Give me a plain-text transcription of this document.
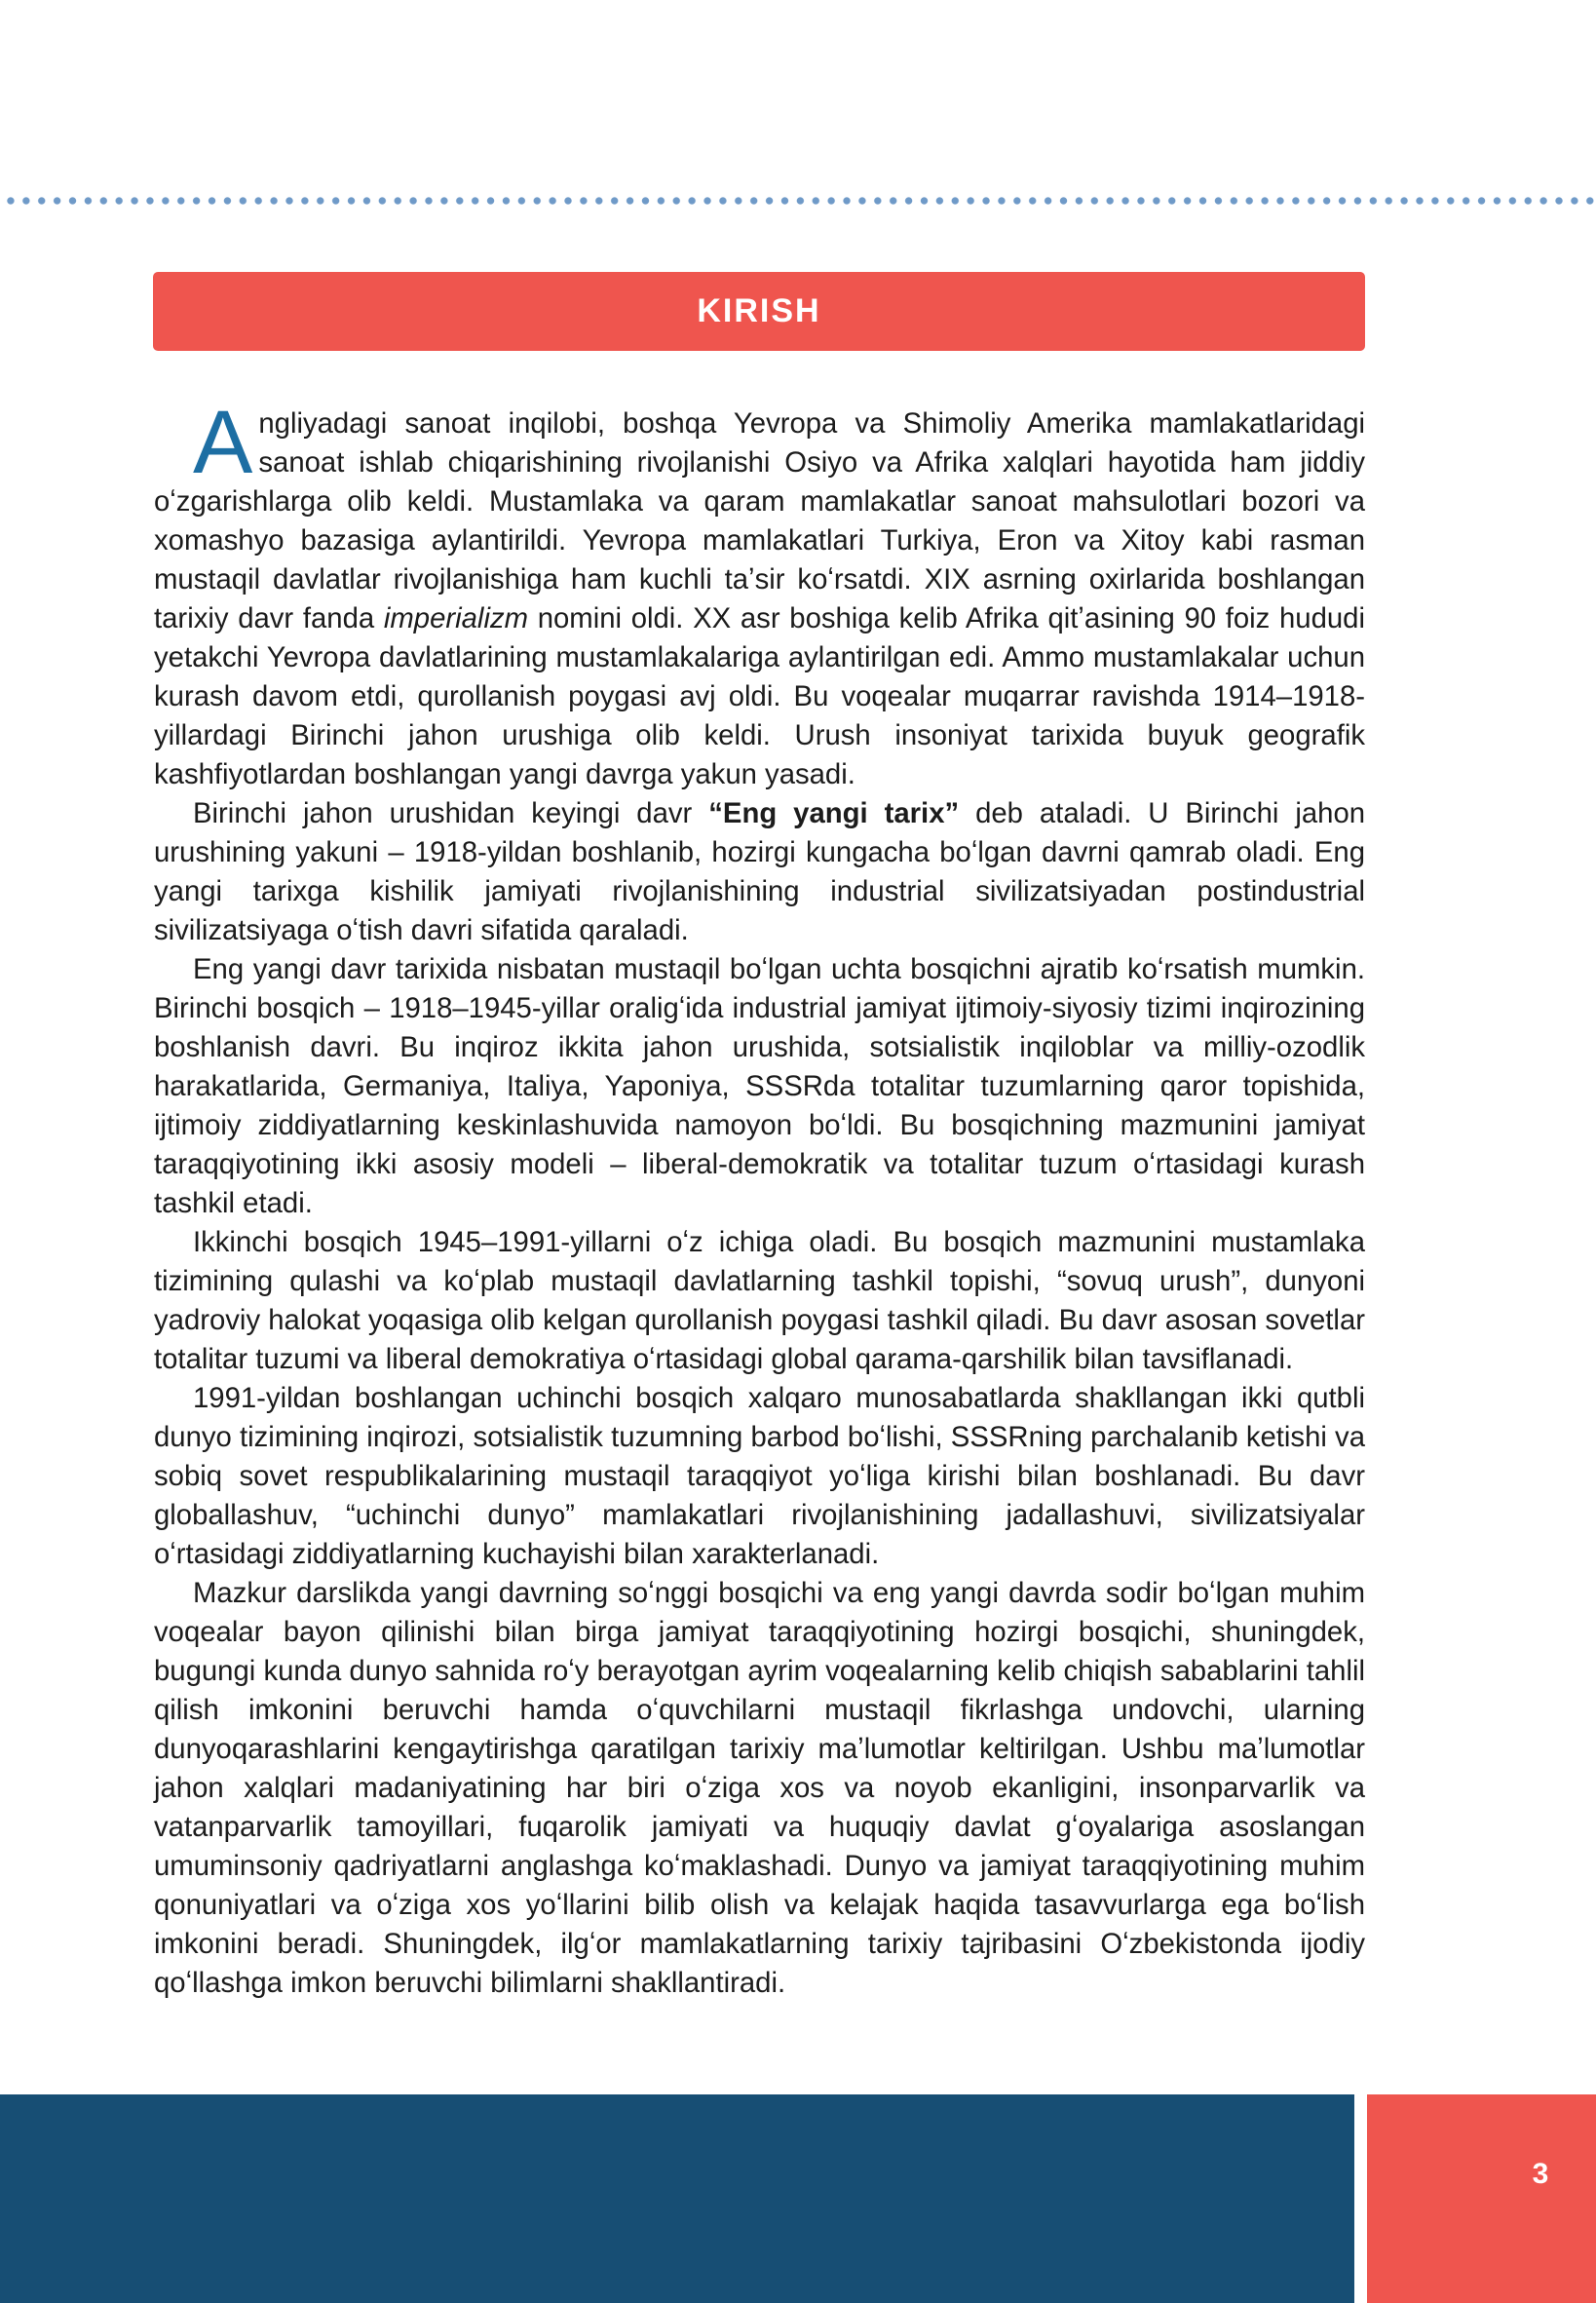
KIRISH

Angliyadagi sanoat inqilobi, boshqa Yevropa va Shimoliy Amerika mamlakatlaridagi sanoat ishlab chiqarishining rivojlanishi Osiyo va Afrika xalqlari hayotida ham jiddiy oʻzgarishlarga olib keldi. Mustamlaka va qaram mamlakatlar sanoat mahsulotlari bozori va xomashyo bazasiga aylantirildi. Yevropa mamlakatlari Turkiya, Eron va Xitoy kabi rasman mustaqil davlatlar rivojlanishiga ham kuchli taʼsir koʻrsatdi. XIX asrning oxirlarida boshlangan tarixiy davr fanda imperializm nomini oldi. XX asr boshiga kelib Afrika qitʼasining 90 foiz hududi yetakchi Yevropa davlatlarining mustamlakalariga aylantirilgan edi. Ammo mustamlakalar uchun kurash davom etdi, qurollanish poygasi avj oldi. Bu voqealar muqarrar ravishda 1914–1918-yillardagi Birinchi jahon urushiga olib keldi. Urush insoniyat tarixida buyuk geografik kashfiyotlardan boshlangan yangi davrga yakun yasadi.

Birinchi jahon urushidan keyingi davr “Eng yangi tarix” deb ataladi. U Birinchi jahon urushining yakuni – 1918-yildan boshlanib, hozirgi kungacha boʻlgan davrni qamrab oladi. Eng yangi tarixga kishilik jamiyati rivojlanishining industrial sivilizatsiyadan postindustrial sivilizatsiyaga oʻtish davri sifatida qaraladi.

Eng yangi davr tarixida nisbatan mustaqil boʻlgan uchta bosqichni ajratib koʻrsatish mumkin. Birinchi bosqich – 1918–1945-yillar oraligʻida industrial jamiyat ijtimoiy-siyosiy tizimi inqirozining boshlanish davri. Bu inqiroz ikkita jahon urushida, sotsialistik inqiloblar va milliy-ozodlik harakatlarida, Germaniya, Italiya, Yaponiya, SSSRda totalitar tuzumlarning qaror topishida, ijtimoiy ziddiyatlarning keskinlashuvida namoyon boʻldi. Bu bosqichning mazmunini jamiyat taraqqiyotining ikki asosiy modeli – liberal-demokratik va totalitar tuzum oʻrtasidagi kurash tashkil etadi.

Ikkinchi bosqich 1945–1991-yillarni oʻz ichiga oladi. Bu bosqich mazmunini mustamlaka tizimining qulashi va koʻplab mustaqil davlatlarning tashkil topishi, “sovuq urush”, dunyoni yadroviy halokat yoqasiga olib kelgan qurollanish poygasi tashkil qiladi. Bu davr asosan sovetlar totalitar tuzumi va liberal demokratiya oʻrtasidagi global qarama-qarshilik bilan tavsiflanadi.

1991-yildan boshlangan uchinchi bosqich xalqaro munosabatlarda shakllangan ikki qutbli dunyo tizimining inqirozi, sotsialistik tuzumning barbod boʻlishi, SSSRning parchalanib ketishi va sobiq sovet respublikalarining mustaqil taraqqiyot yoʻliga kirishi bilan boshlanadi. Bu davr globallashuv, “uchinchi dunyo” mamlakatlari rivojlanishining jadallashuvi, sivilizatsiyalar oʻrtasidagi ziddiyatlarning kuchayishi bilan xarakterlanadi.

Mazkur darslikda yangi davrning soʻnggi bosqichi va eng yangi davrda sodir boʻlgan muhim voqealar bayon qilinishi bilan birga jamiyat taraqqiyotining hozirgi bosqichi, shuningdek, bugungi kunda dunyo sahnida roʻy berayotgan ayrim voqealarning kelib chiqish sabablarini tahlil qilish imkonini beruvchi hamda oʻquvchilarni mustaqil fikrlashga undovchi, ularning dunyoqarashlarini kengaytirishga qaratilgan tarixiy maʼlumotlar keltirilgan. Ushbu maʼlumotlar jahon xalqlari madaniyatining har biri oʻziga xos va noyob ekanligini, insonparvarlik va vatanparvarlik tamoyillari, fuqarolik jamiyati va huquqiy davlat gʻoyalariga asoslangan umuminsoniy qadriyatlarni anglashga koʻmaklashadi. Dunyo va jamiyat taraqqiyotining muhim qonuniyatlari va oʻziga xos yoʻllarini bilib olish va kelajak haqida tasavvurlarga ega boʻlish imkonini beradi. Shuningdek, ilgʻor mamlakatlarning tarixiy tajribasini Oʻzbekistonda ijodiy qoʻllashga imkon beruvchi bilimlarni shakllantiradi.

3
